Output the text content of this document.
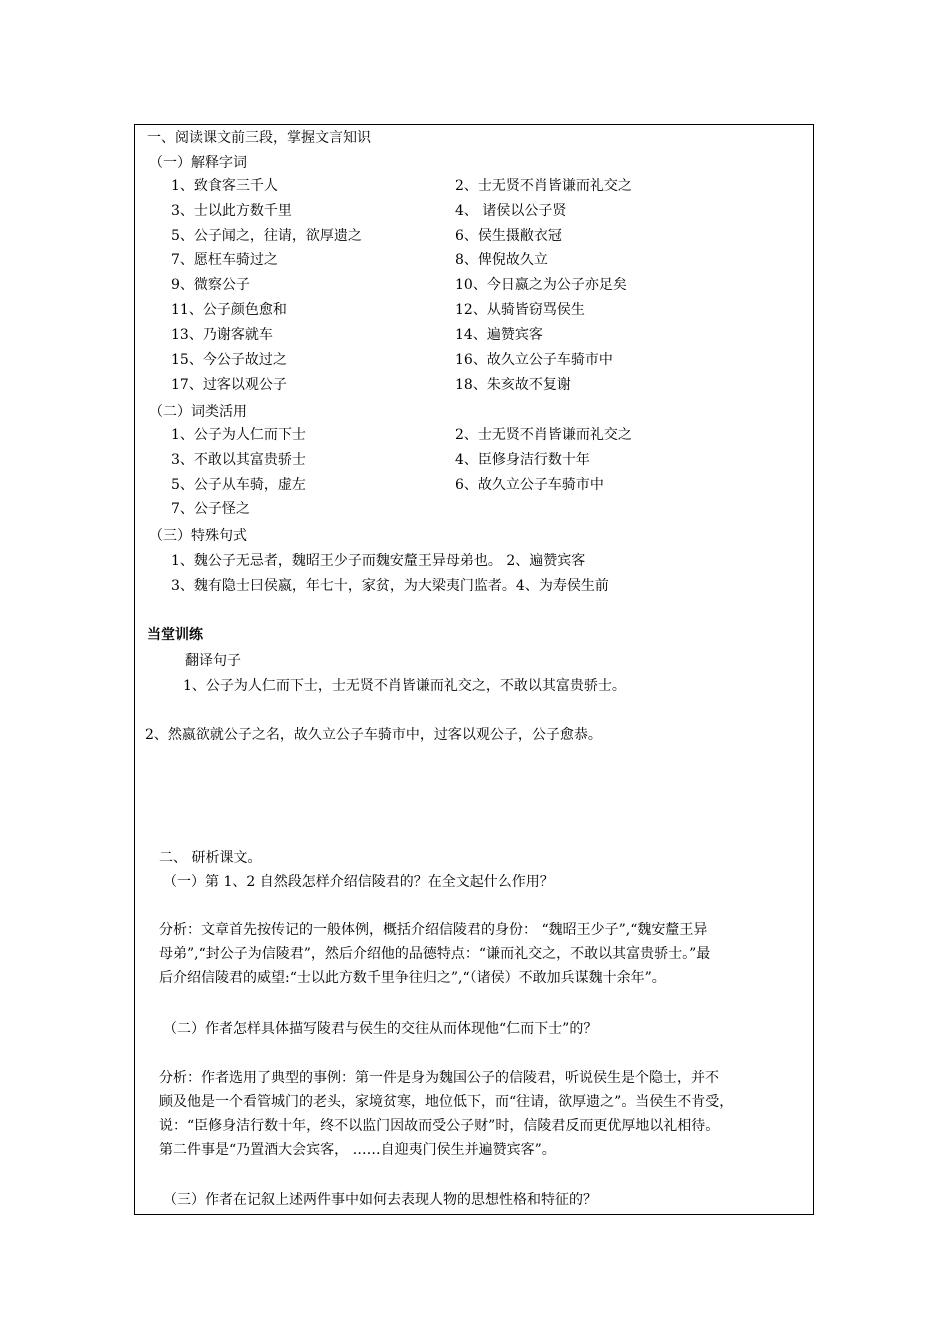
一、阅读课文前三段，掌握文言知识
（一）解释字词
1、致食客三千人	2、士无贤不肖皆谦而礼交之
3、士以此方数千里	4、 诸侯以公子贤
5、公子闻之，往请，欲厚遗之	6、侯生摄敝衣冠
7、愿枉车骑过之	8、俾倪故久立
9、微察公子	10、今日嬴之为公子亦足矣
11、公子颜色愈和	12、从骑皆窃骂侯生
13、乃谢客就车	14、遍赞宾客
15、今公子故过之	16、故久立公子车骑市中
17、过客以观公子	18、朱亥故不复谢
（二）词类活用
1、公子为人仁而下士	2、士无贤不肖皆谦而礼交之
3、不敢以其富贵骄士	4、臣修身洁行数十年
5、公子从车骑，虚左	6、故久立公子车骑市中
7、公子怪之
（三）特殊句式
1、魏公子无忌者，魏昭王少子而魏安釐王异母弟也。 2、遍赞宾客
3、魏有隐士曰侯嬴，年七十，家贫，为大梁夷门监者。4、为寿侯生前
当堂训练
翻译句子
1、公子为人仁而下士，士无贤不肖皆谦而礼交之，不敢以其富贵骄士。
2、然嬴欲就公子之名，故久立公子车骑市中，过客以观公子，公子愈恭。
二、 研析课文。
（一）第 1、2 自然段怎样介绍信陵君的？在全文起什么作用？
分析：文章首先按传记的一般体例，概括介绍信陵君的身份： “魏昭王少子”,“魏安釐王异
母弟”,“封公子为信陵君”，然后介绍他的品德特点：“谦而礼交之，不敢以其富贵骄士。”最
后介绍信陵君的威望:“士以此方数千里争往归之”,“（诸侯）不敢加兵谋魏十余年”。
（二）作者怎样具体描写陵君与侯生的交往从而体现他“仁而下士”的？
分析：作者选用了典型的事例：第一件是身为魏国公子的信陵君，听说侯生是个隐士，并不
顾及他是一个看管城门的老头，家境贫寒，地位低下，而“往请，欲厚遗之”。当侯生不肯受，
说：“臣修身洁行数十年，终不以监门因故而受公子财”时，信陵君反而更优厚地以礼相待。
第二件事是“乃置酒大会宾客， ……自迎夷门侯生并遍赞宾客”。
（三）作者在记叙上述两件事中如何去表现人物的思想性格和特征的？
